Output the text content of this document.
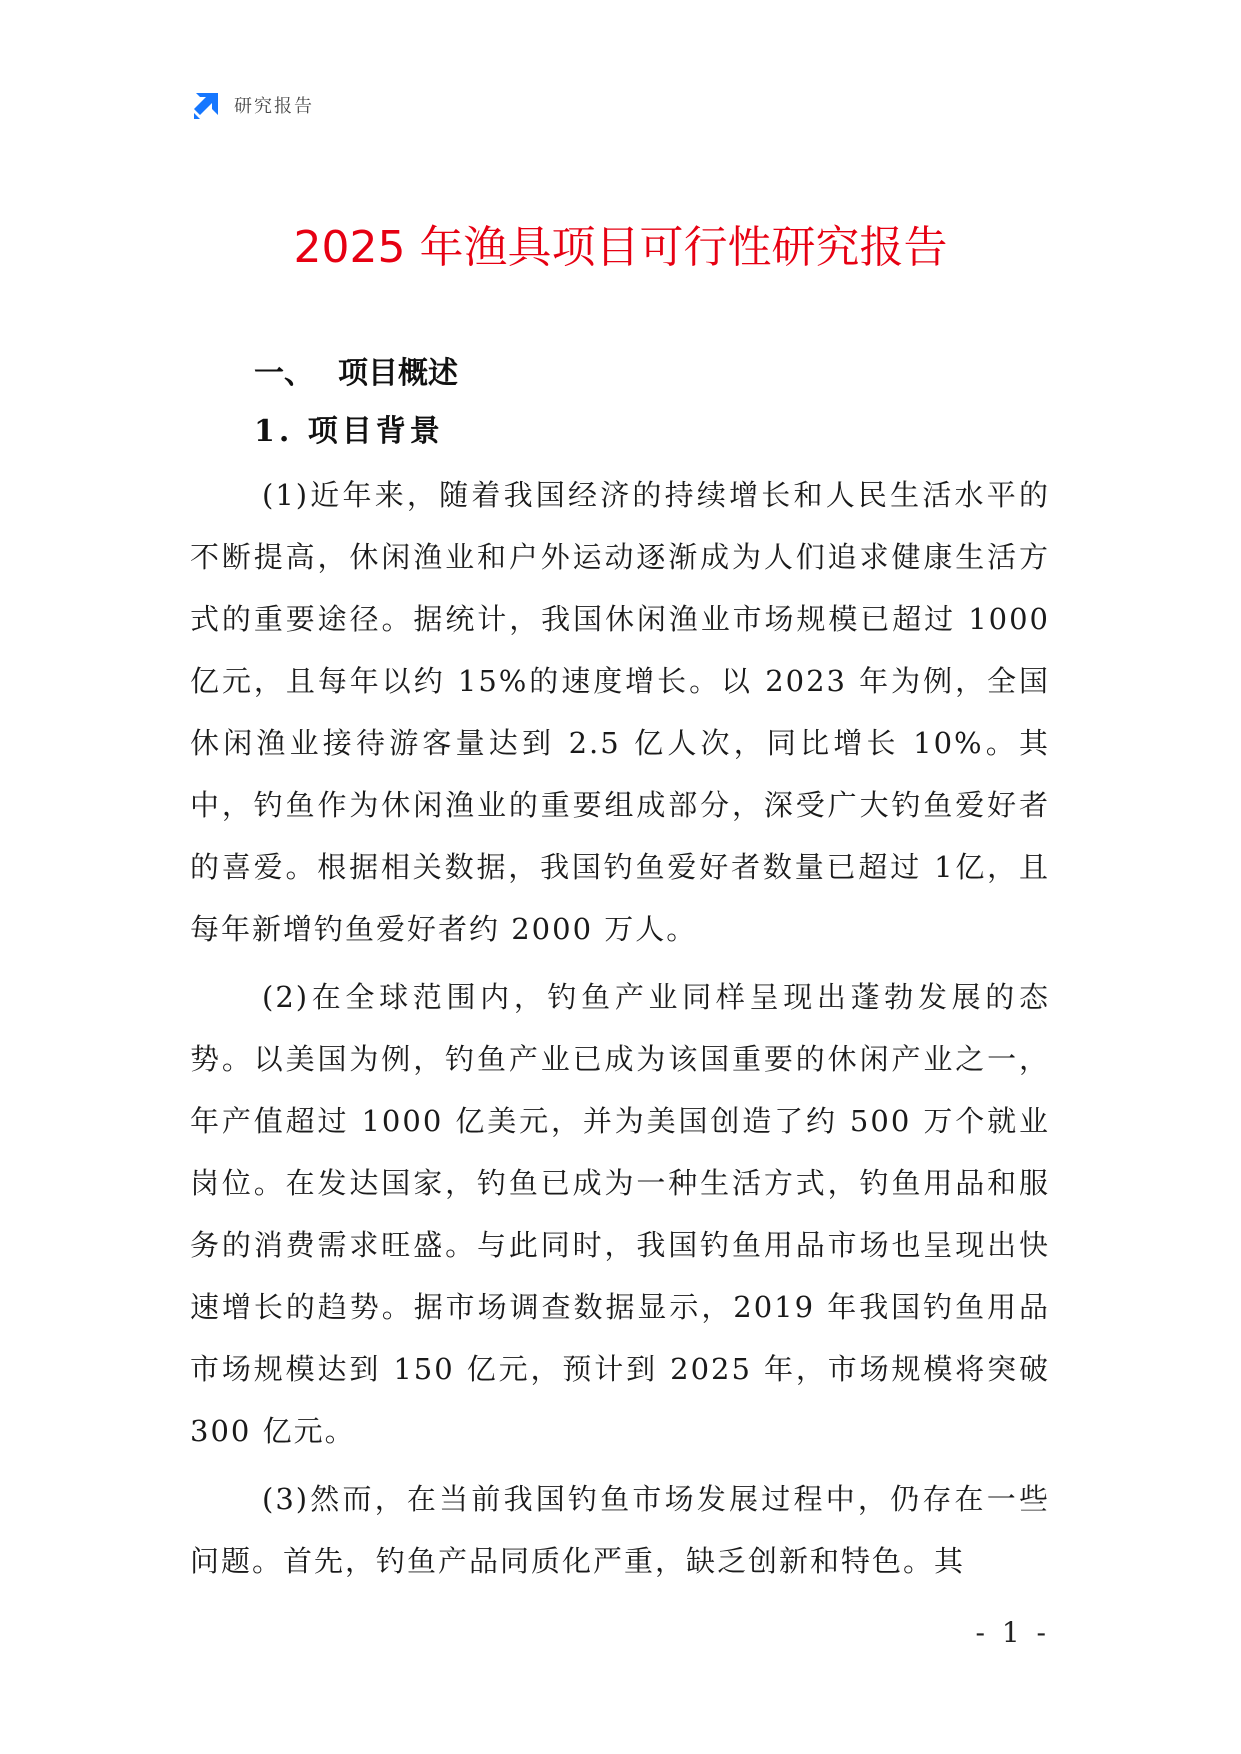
研究报告
2025 年渔具项目可行性研究报告
一、 项目概述
1. 项目背景

(1)近年来，随着我国经济的持续增长和人民生活水平的不断提高，休闲渔业和户外运动逐渐成为人们追求健康生活方式的重要途径。据统计，我国休闲渔业市场规模已超过 1000 亿元，且每年以约 15%的速度增长。以 2023 年为例，全国休闲渔业接待游客量达到 2.5 亿人次，同比增长 10%。其中，钓鱼作为休闲渔业的重要组成部分，深受广大钓鱼爱好者的喜爱。根据相关数据，我国钓鱼爱好者数量已超过 1亿，且每年新增钓鱼爱好者约 2000 万人。

(2)在全球范围内，钓鱼产业同样呈现出蓬勃发展的态势。以美国为例，钓鱼产业已成为该国重要的休闲产业之一，年产值超过 1000 亿美元，并为美国创造了约 500 万个就业岗位。在发达国家，钓鱼已成为一种生活方式，钓鱼用品和服务的消费需求旺盛。与此同时，我国钓鱼用品市场也呈现出快速增长的趋势。据市场调查数据显示，2019 年我国钓鱼用品市场规模达到 150 亿元，预计到 2025 年，市场规模将突破 300 亿元。

(3)然而，在当前我国钓鱼市场发展过程中，仍存在一些问题。首先，钓鱼产品同质化严重，缺乏创新和特色。其

- 1 -
